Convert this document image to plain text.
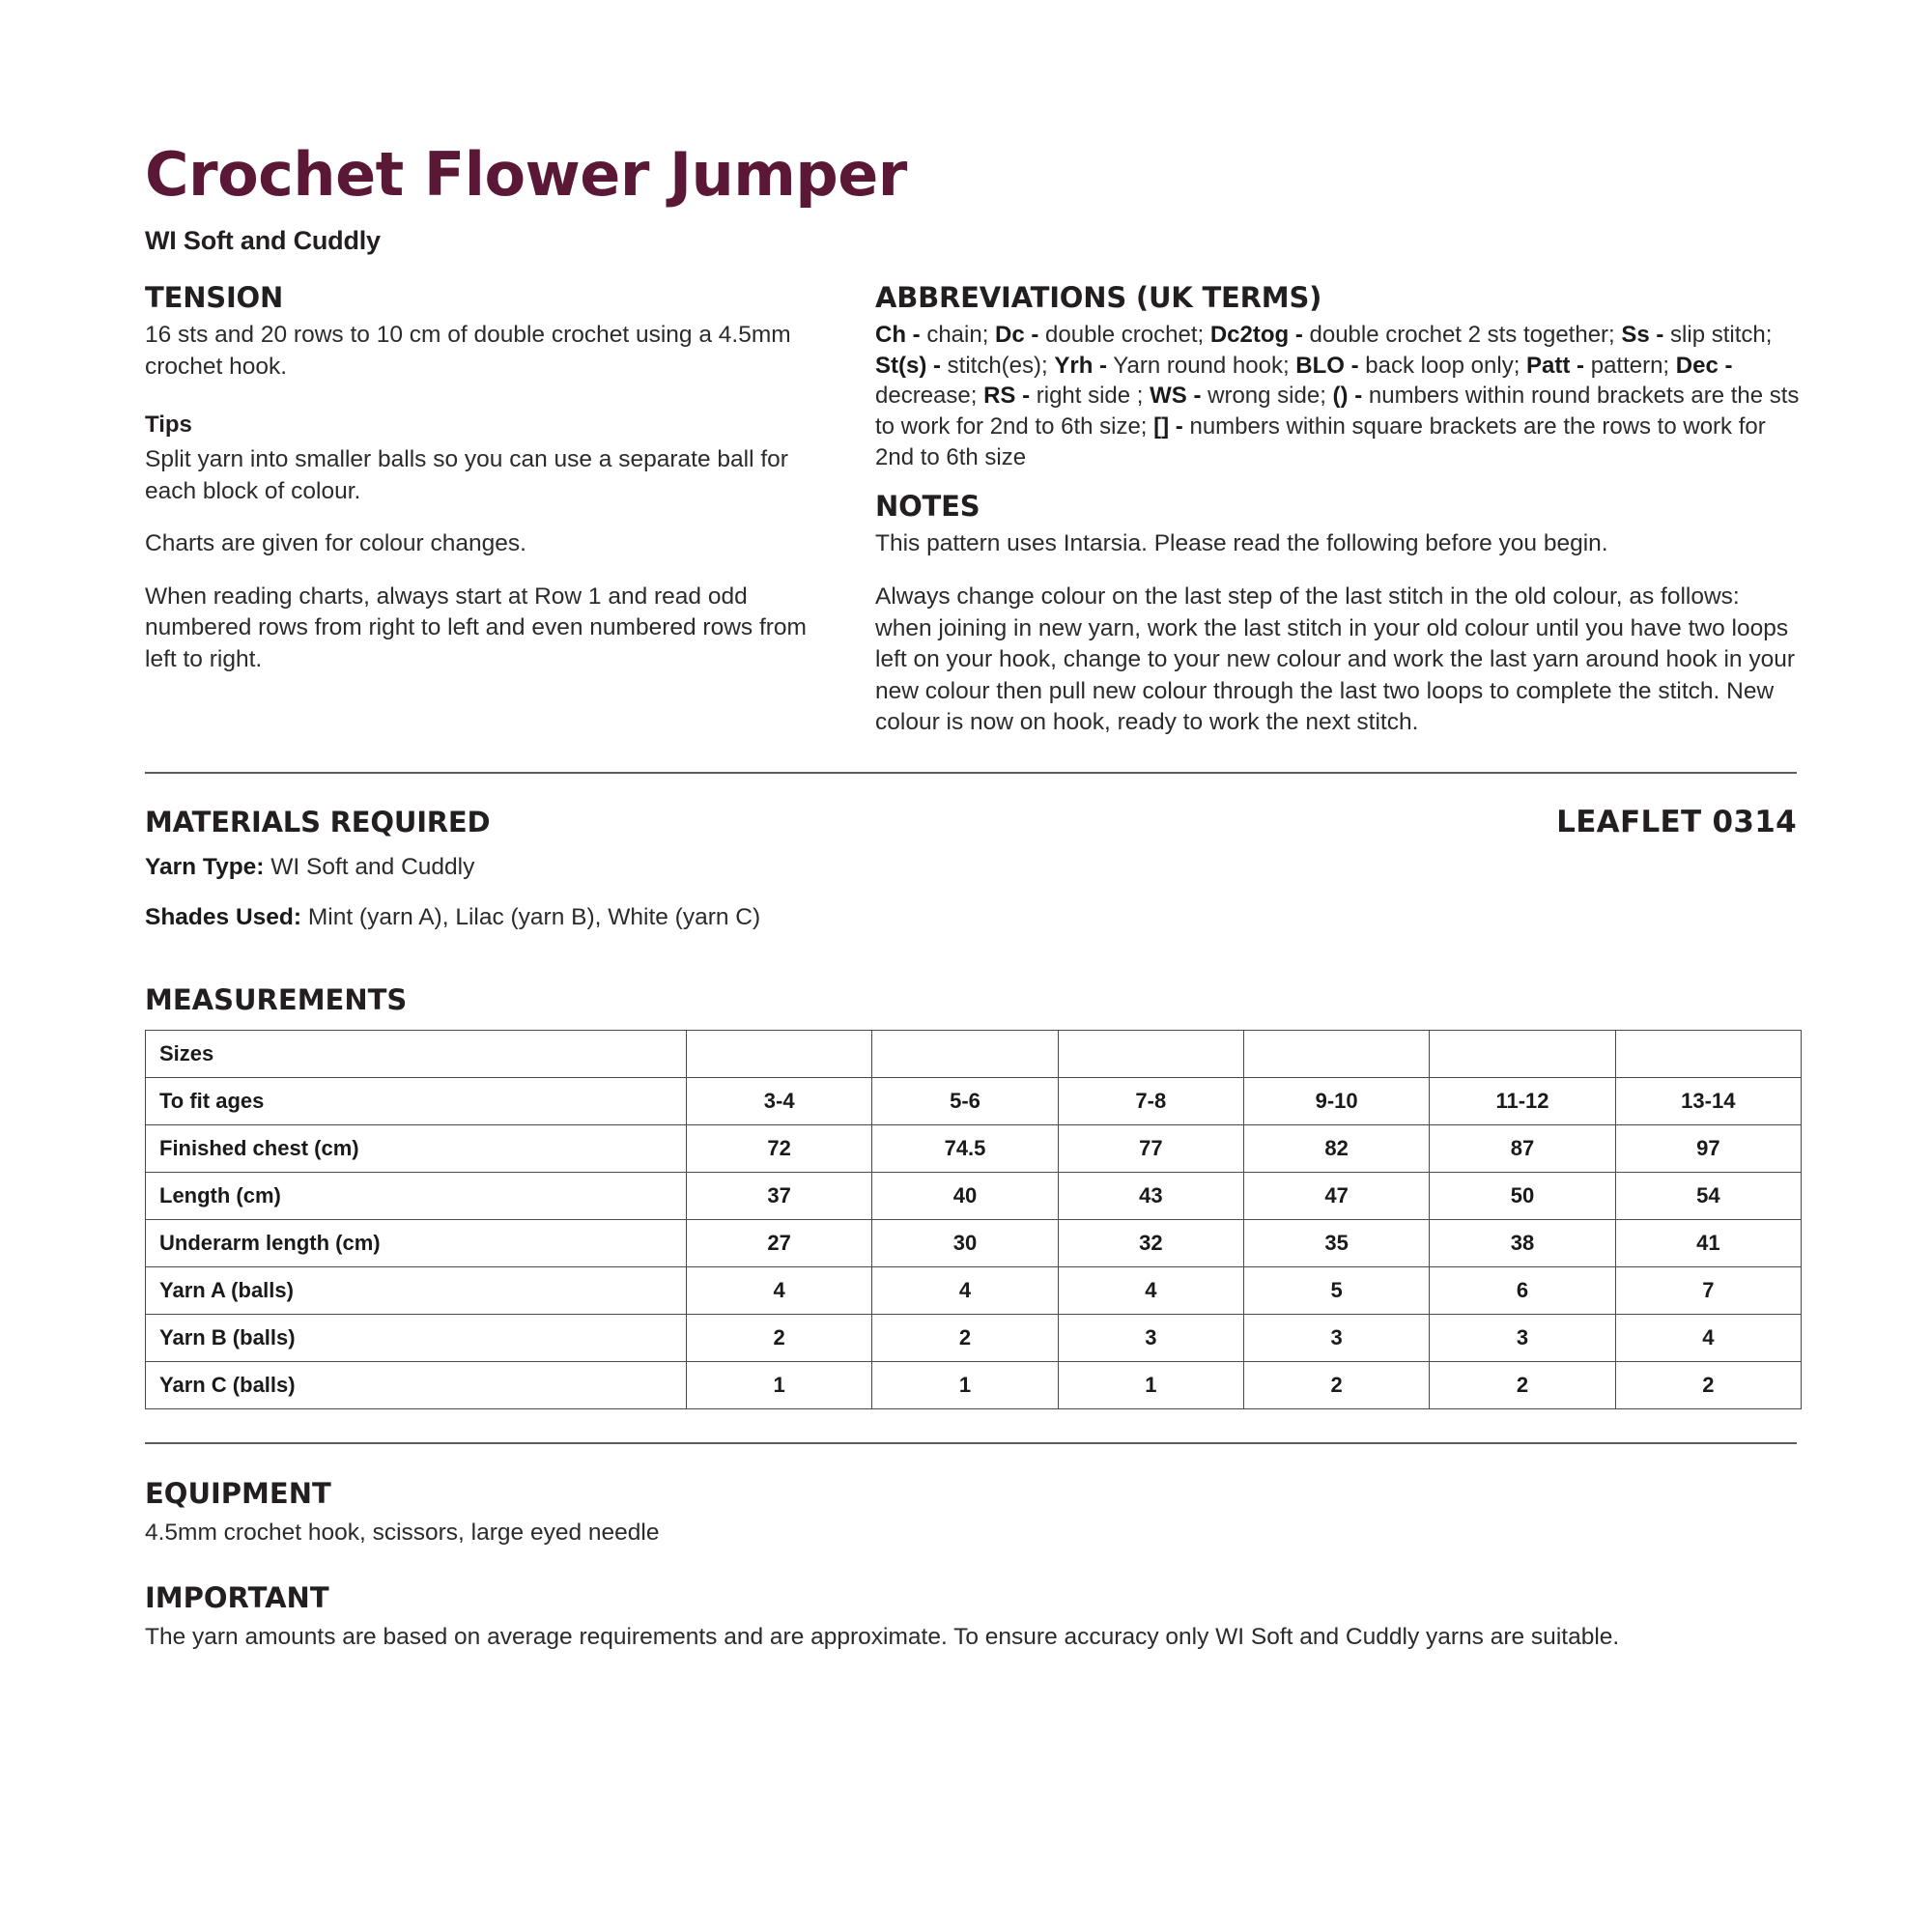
Crochet Flower Jumper
WI Soft and Cuddly
TENSION

16 sts and 20 rows to 10 cm of double crochet using a 4.5mm crochet hook.

Tips

Split yarn into smaller balls so you can use a separate ball for each block of colour.

Charts are given for colour changes.

When reading charts, always start at Row 1 and read odd numbered rows from right to left and even numbered rows from left to right.

ABBREVIATIONS (UK TERMS)

Ch - chain; Dc - double crochet; Dc2tog - double crochet 2 sts together; Ss - slip stitch; St(s) - stitch(es); Yrh - Yarn round hook; BLO - back loop only; Patt - pattern; Dec - decrease; RS - right side ; WS - wrong side; () - numbers within round brackets are the sts to work for 2nd to 6th size; [] - numbers within square brackets are the rows to work for 2nd to 6th size

NOTES

This pattern uses Intarsia. Please read the following before you begin.

Always change colour on the last step of the last stitch in the old colour, as follows: when joining in new yarn, work the last stitch in your old colour until you have two loops left on your hook, change to your new colour and work the last yarn around hook in your new colour then pull new colour through the last two loops to complete the stitch. New colour is now on hook, ready to work the next stitch.

MATERIALS REQUIRED	LEAFLET 0314

Yarn Type: WI Soft and Cuddly

Shades Used: Mint (yarn A), Lilac (yarn B), White (yarn C)

MEASUREMENTS
Sizes						
To fit ages	3-4	5-6	7-8	9-10	11-12	13-14
Finished chest (cm)	72	74.5	77	82	87	97
Length (cm)	37	40	43	47	50	54
Underarm length (cm)	27	30	32	35	38	41
Yarn A (balls)	4	4	4	5	6	7
Yarn B (balls)	2	2	3	3	3	4
Yarn C (balls)	1	1	1	2	2	2
EQUIPMENT

4.5mm crochet hook, scissors, large eyed needle

IMPORTANT

The yarn amounts are based on average requirements and are approximate. To ensure accuracy only WI Soft and Cuddly yarns are suitable.
